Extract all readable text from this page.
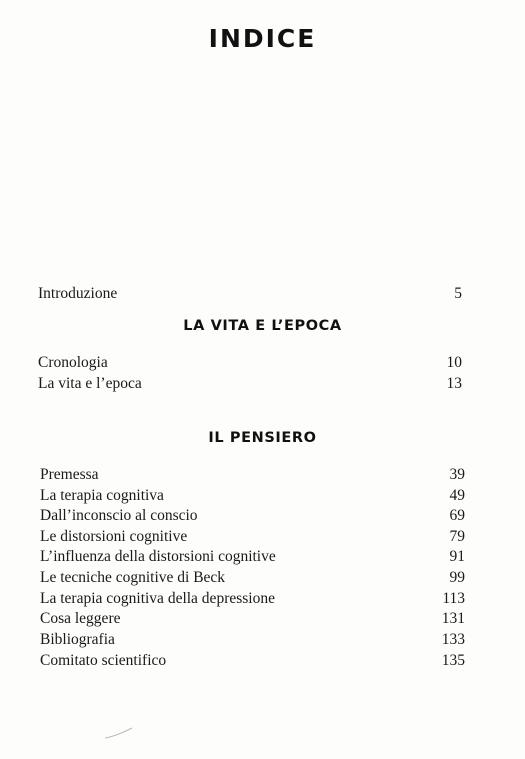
INDICE
Introduzione	5
LA VITA E L’EPOCA
Cronologia	10
La vita e l’epoca	13
IL PENSIERO
Premessa	39
La terapia cognitiva	49
Dall’inconscio al conscio	69
Le distorsioni cognitive	79
L’influenza della distorsioni cognitive	91
Le tecniche cognitive di Beck	99
La terapia cognitiva della depressione	113
Cosa leggere	131
Bibliografia	133
Comitato scientifico	135
